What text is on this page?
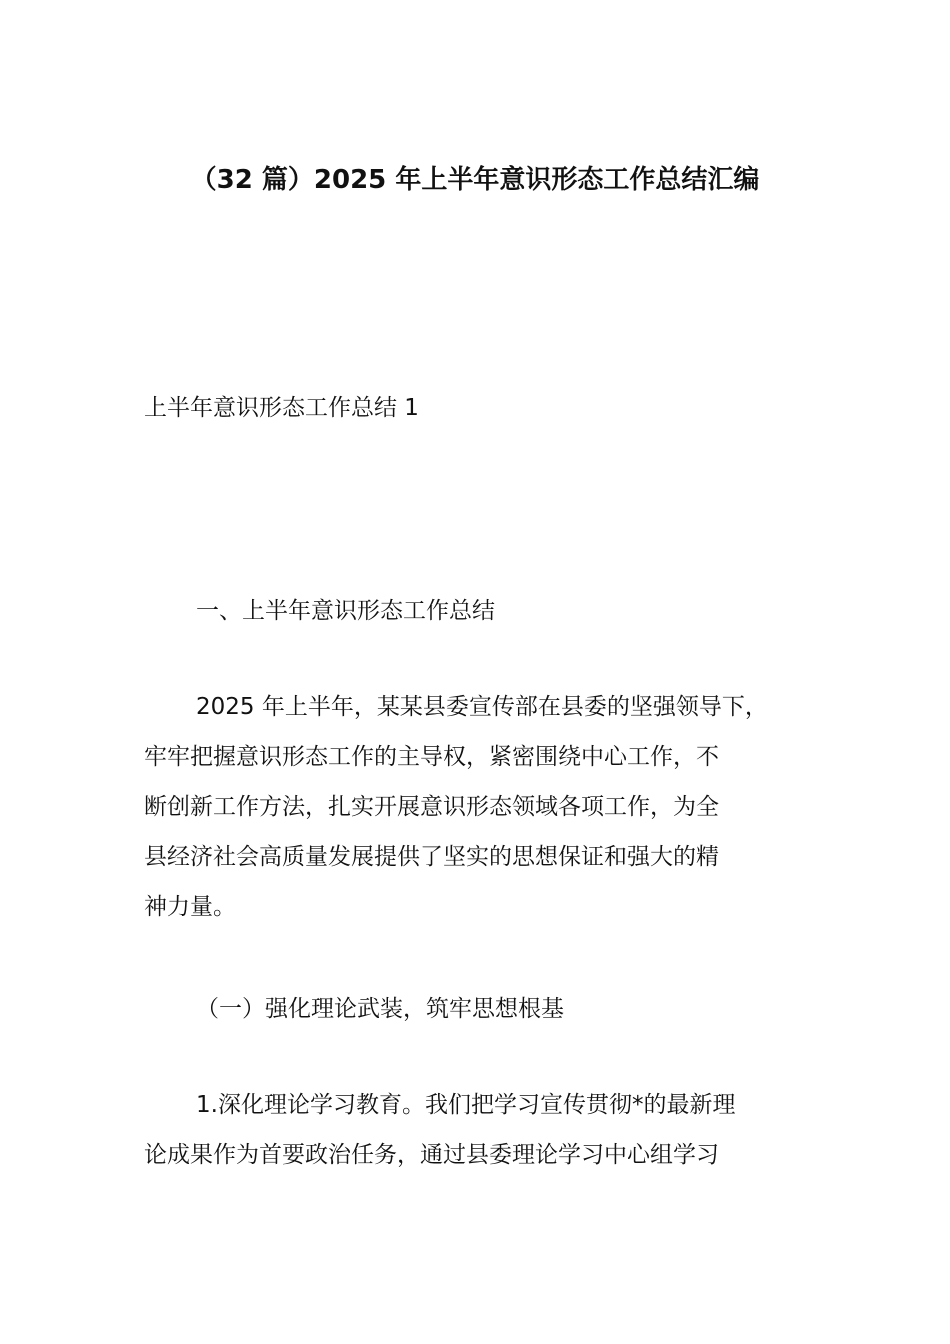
（32 篇）2025 年上半年意识形态工作总结汇编
上半年意识形态工作总结 1

一、上半年意识形态工作总结

2025 年上半年，某某县委宣传部在县委的坚强领导下，
牢牢把握意识形态工作的主导权，紧密围绕中心工作，不
断创新工作方法，扎实开展意识形态领域各项工作，为全
县经济社会高质量发展提供了坚实的思想保证和强大的精
神力量。

（一）强化理论武装，筑牢思想根基

1.深化理论学习教育。我们把学习宣传贯彻*的最新理
论成果作为首要政治任务，通过县委理论学习中心组学习
